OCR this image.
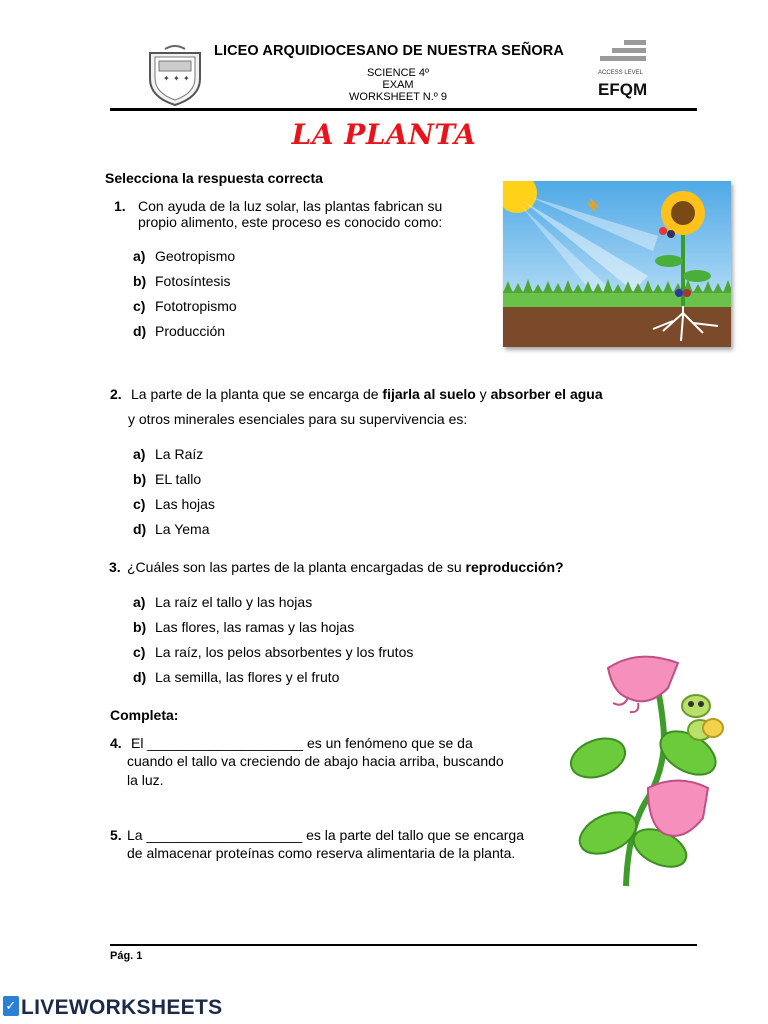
✦ ✦ ✦
LICEO ARQUIDIOCESANO DE NUESTRA SEÑORA
SCIENCE 4º
EXAM
WORKSHEET N.º 9
ACCESS LEVEL
EFQM
LA PLANTA
Selecciona la respuesta correcta
1. Con ayuda de la luz solar, las plantas fabrican su
propio alimento, este proceso es conocido como:
a) Geotropismo
b) Fotosíntesis
c) Fototropismo
d) Producción
2. La parte de la planta que se encarga de fijarla al suelo y absorber el agua
y otros minerales esenciales para su supervivencia es:
a) La Raíz
b) EL tallo
c) Las hojas
d) La Yema
3. ¿Cuáles son las partes de la planta encargadas de su reproducción?
a) La raíz el tallo y las hojas
b) Las flores, las ramas y las hojas
c) La raíz, los pelos absorbentes y los frutos
d) La semilla, las flores y el fruto
Completa:
4. El ____________________ es un fenómeno que se da
cuando el tallo va creciendo de abajo hacia arriba, buscando
la luz.
5. La ____________________ es la parte del tallo que se encarga
de almacenar proteínas como reserva alimentaria de la planta.
Pág. 1
✓ LIVEWORKSHEETS
